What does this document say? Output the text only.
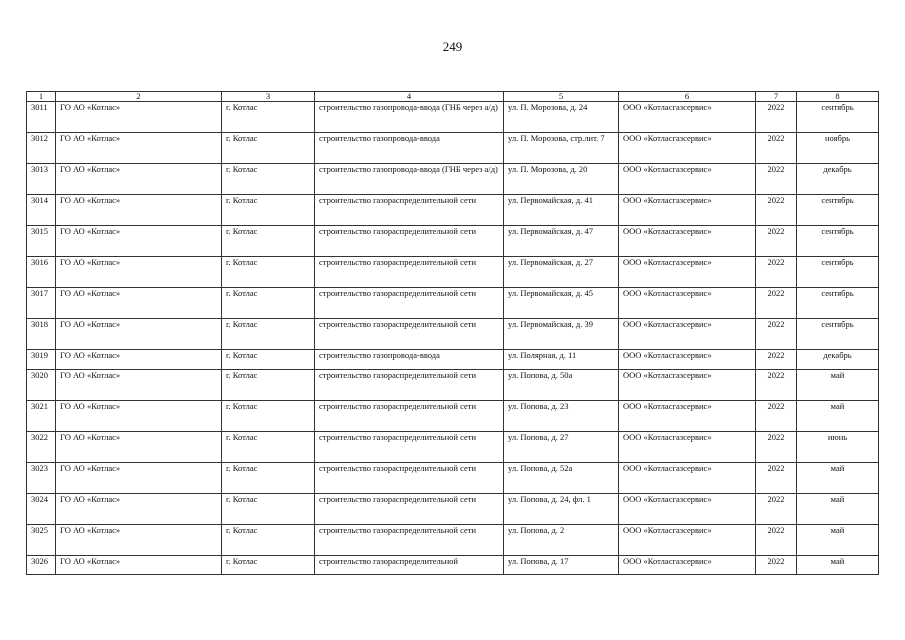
249
1	2	3	4	5	6	7	8
3011	ГО АО «Котлас»	г. Котлас	строительство газопровода-ввода (ГНБ через а/д)	ул. П. Морозова, д. 24	ООО «Котласгазсервис»	2022	сентябрь
3012	ГО АО «Котлас»	г. Котлас	строительство газопровода-ввода	ул. П. Морозова, стр.лит. 7	ООО «Котласгазсервис»	2022	ноябрь
3013	ГО АО «Котлас»	г. Котлас	строительство газопровода-ввода (ГНБ через а/д)	ул. П. Морозова, д. 20	ООО «Котласгазсервис»	2022	декабрь
3014	ГО АО «Котлас»	г. Котлас	строительство газораспределительной сети	ул. Первомайская, д. 41	ООО «Котласгазсервис»	2022	сентябрь
3015	ГО АО «Котлас»	г. Котлас	строительство газораспределительной сети	ул. Первомайская, д. 47	ООО «Котласгазсервис»	2022	сентябрь
3016	ГО АО «Котлас»	г. Котлас	строительство газораспределительной сети	ул. Первомайская, д. 27	ООО «Котласгазсервис»	2022	сентябрь
3017	ГО АО «Котлас»	г. Котлас	строительство газораспределительной сети	ул. Первомайская, д. 45	ООО «Котласгазсервис»	2022	сентябрь
3018	ГО АО «Котлас»	г. Котлас	строительство газораспределительной сети	ул. Первомайская, д. 39	ООО «Котласгазсервис»	2022	сентябрь
3019	ГО АО «Котлас»	г. Котлас	строительство газопровода-ввода	ул. Полярная, д. 11	ООО «Котласгазсервис»	2022	декабрь
3020	ГО АО «Котлас»	г. Котлас	строительство газораспределительной сети	ул. Попова, д. 50а	ООО «Котласгазсервис»	2022	май
3021	ГО АО «Котлас»	г. Котлас	строительство газораспределительной сети	ул. Попова, д. 23	ООО «Котласгазсервис»	2022	май
3022	ГО АО «Котлас»	г. Котлас	строительство газораспределительной сети	ул. Попова, д. 27	ООО «Котласгазсервис»	2022	июнь
3023	ГО АО «Котлас»	г. Котлас	строительство газораспределительной сети	ул. Попова, д. 52а	ООО «Котласгазсервис»	2022	май
3024	ГО АО «Котлас»	г. Котлас	строительство газораспределительной сети	ул. Попова, д. 24, фл. 1	ООО «Котласгазсервис»	2022	май
3025	ГО АО «Котлас»	г. Котлас	строительство газораспределительной сети	ул. Попова, д. 2	ООО «Котласгазсервис»	2022	май
3026	ГО АО «Котлас»	г. Котлас	строительство газораспределительной	ул. Попова, д. 17	ООО «Котласгазсервис»	2022	май
